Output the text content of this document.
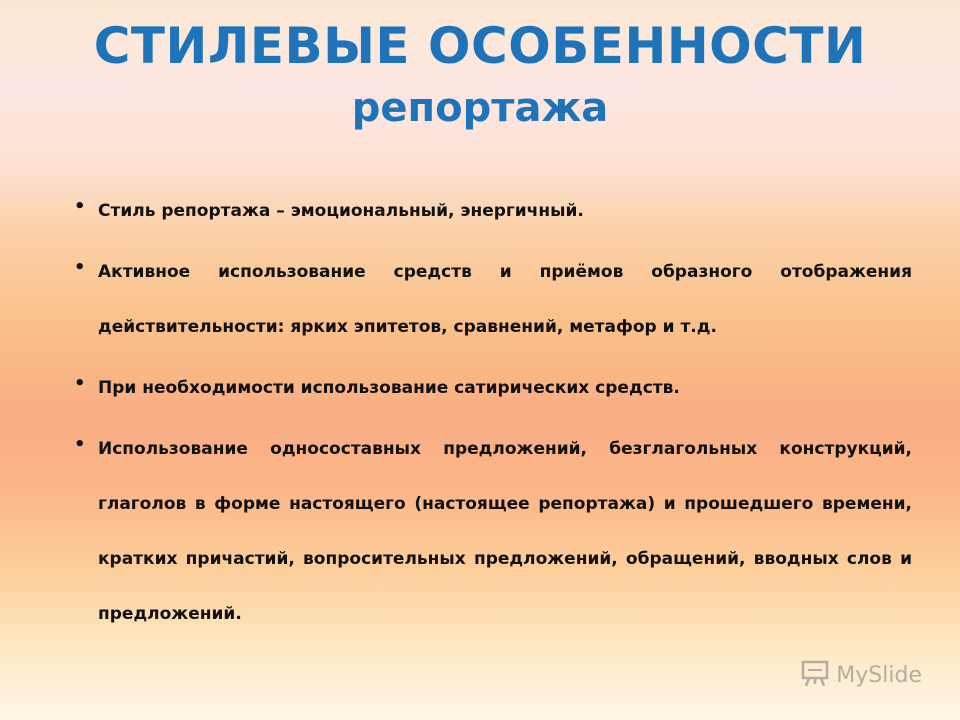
СТИЛЕВЫЕ ОСОБЕННОСТИ
репортажа
• Стиль репортажа – эмоциональный, энергичный.
• Активное использование средств и приёмов образного отображения действительности: ярких эпитетов, сравнений, метафор и т.д.
• При необходимости использование сатирических средств.
• Использование односоставных предложений, безглагольных конструкций, глаголов в форме настоящего (настоящее репортажа) и прошедшего времени, кратких причастий, вопросительных предложений, обращений, вводных слов и предложений.
MySlide
